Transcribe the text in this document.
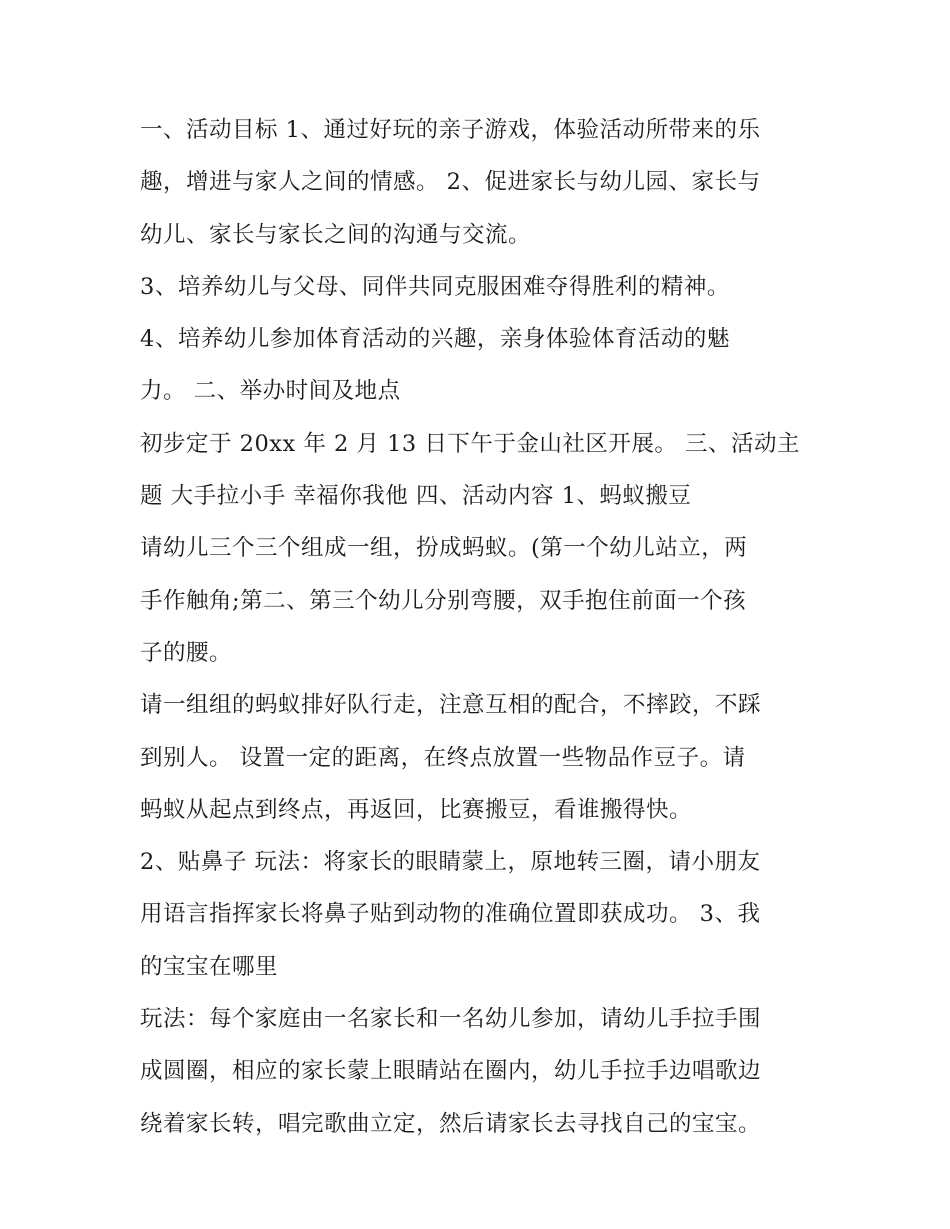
一、活动目标 1、通过好玩的亲子游戏，体验活动所带来的乐
趣，增进与家人之间的情感。 2、促进家长与幼儿园、家长与
幼儿、家长与家长之间的沟通与交流。
3、培养幼儿与父母、同伴共同克服困难夺得胜利的精神。
4、培养幼儿参加体育活动的兴趣，亲身体验体育活动的魅
力。 二、举办时间及地点
初步定于 20xx 年 2 月 13 日下午于金山社区开展。 三、活动主
题 大手拉小手 幸福你我他 四、活动内容 1、蚂蚁搬豆
请幼儿三个三个组成一组，扮成蚂蚁。(第一个幼儿站立，两
手作触角;第二、第三个幼儿分别弯腰，双手抱住前面一个孩
子的腰。
请一组组的蚂蚁排好队行走，注意互相的配合，不摔跤，不踩
到别人。 设置一定的距离，在终点放置一些物品作豆子。请
蚂蚁从起点到终点，再返回，比赛搬豆，看谁搬得快。
2、贴鼻子 玩法：将家长的眼睛蒙上，原地转三圈，请小朋友
用语言指挥家长将鼻子贴到动物的准确位置即获成功。 3、我
的宝宝在哪里
玩法：每个家庭由一名家长和一名幼儿参加，请幼儿手拉手围
成圆圈，相应的家长蒙上眼睛站在圈内，幼儿手拉手边唱歌边
绕着家长转，唱完歌曲立定，然后请家长去寻找自己的宝宝。
